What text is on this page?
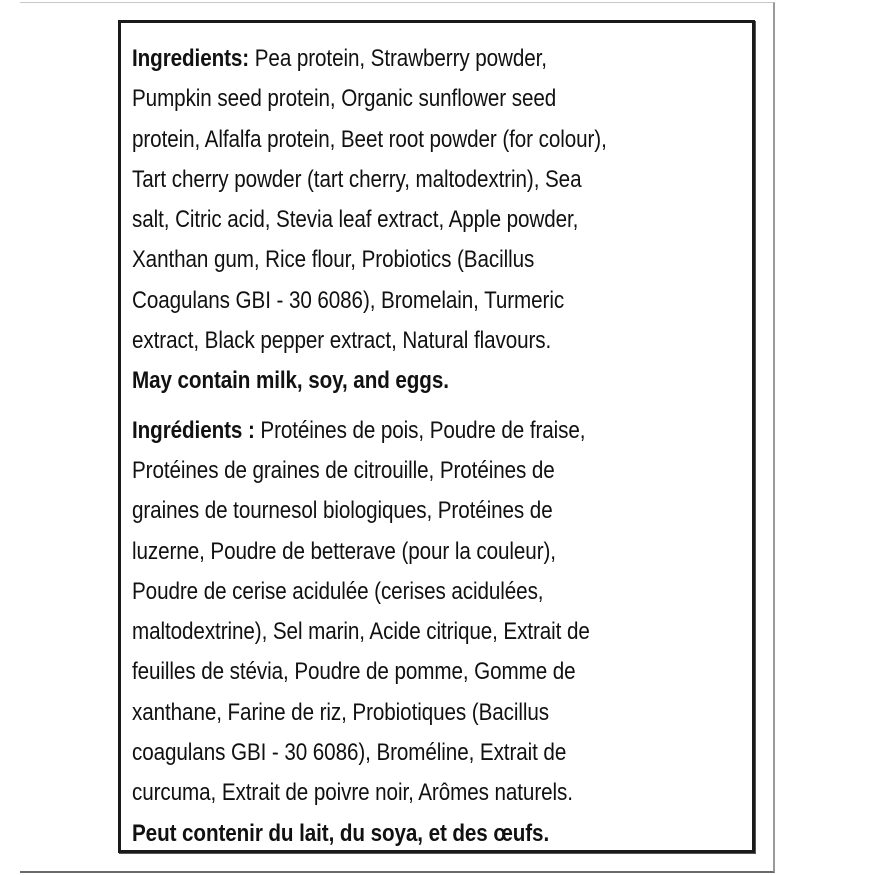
Ingredients: Pea protein, Strawberry powder,
Pumpkin seed protein, Organic sunflower seed
protein, Alfalfa protein, Beet root powder (for colour),
Tart cherry powder (tart cherry, maltodextrin), Sea
salt, Citric acid, Stevia leaf extract, Apple powder,
Xanthan gum, Rice flour, Probiotics (Bacillus
Coagulans GBI - 30 6086), Bromelain, Turmeric
extract, Black pepper extract, Natural flavours.
May contain milk, soy, and eggs.
Ingrédients : Protéines de pois, Poudre de fraise,
Protéines de graines de citrouille, Protéines de
graines de tournesol biologiques, Protéines de
luzerne, Poudre de betterave (pour la couleur),
Poudre de cerise acidulée (cerises acidulées,
maltodextrine), Sel marin, Acide citrique, Extrait de
feuilles de stévia, Poudre de pomme, Gomme de
xanthane, Farine de riz, Probiotiques (Bacillus
coagulans GBI - 30 6086), Broméline, Extrait de
curcuma, Extrait de poivre noir, Arômes naturels.
Peut contenir du lait, du soya, et des œufs.
